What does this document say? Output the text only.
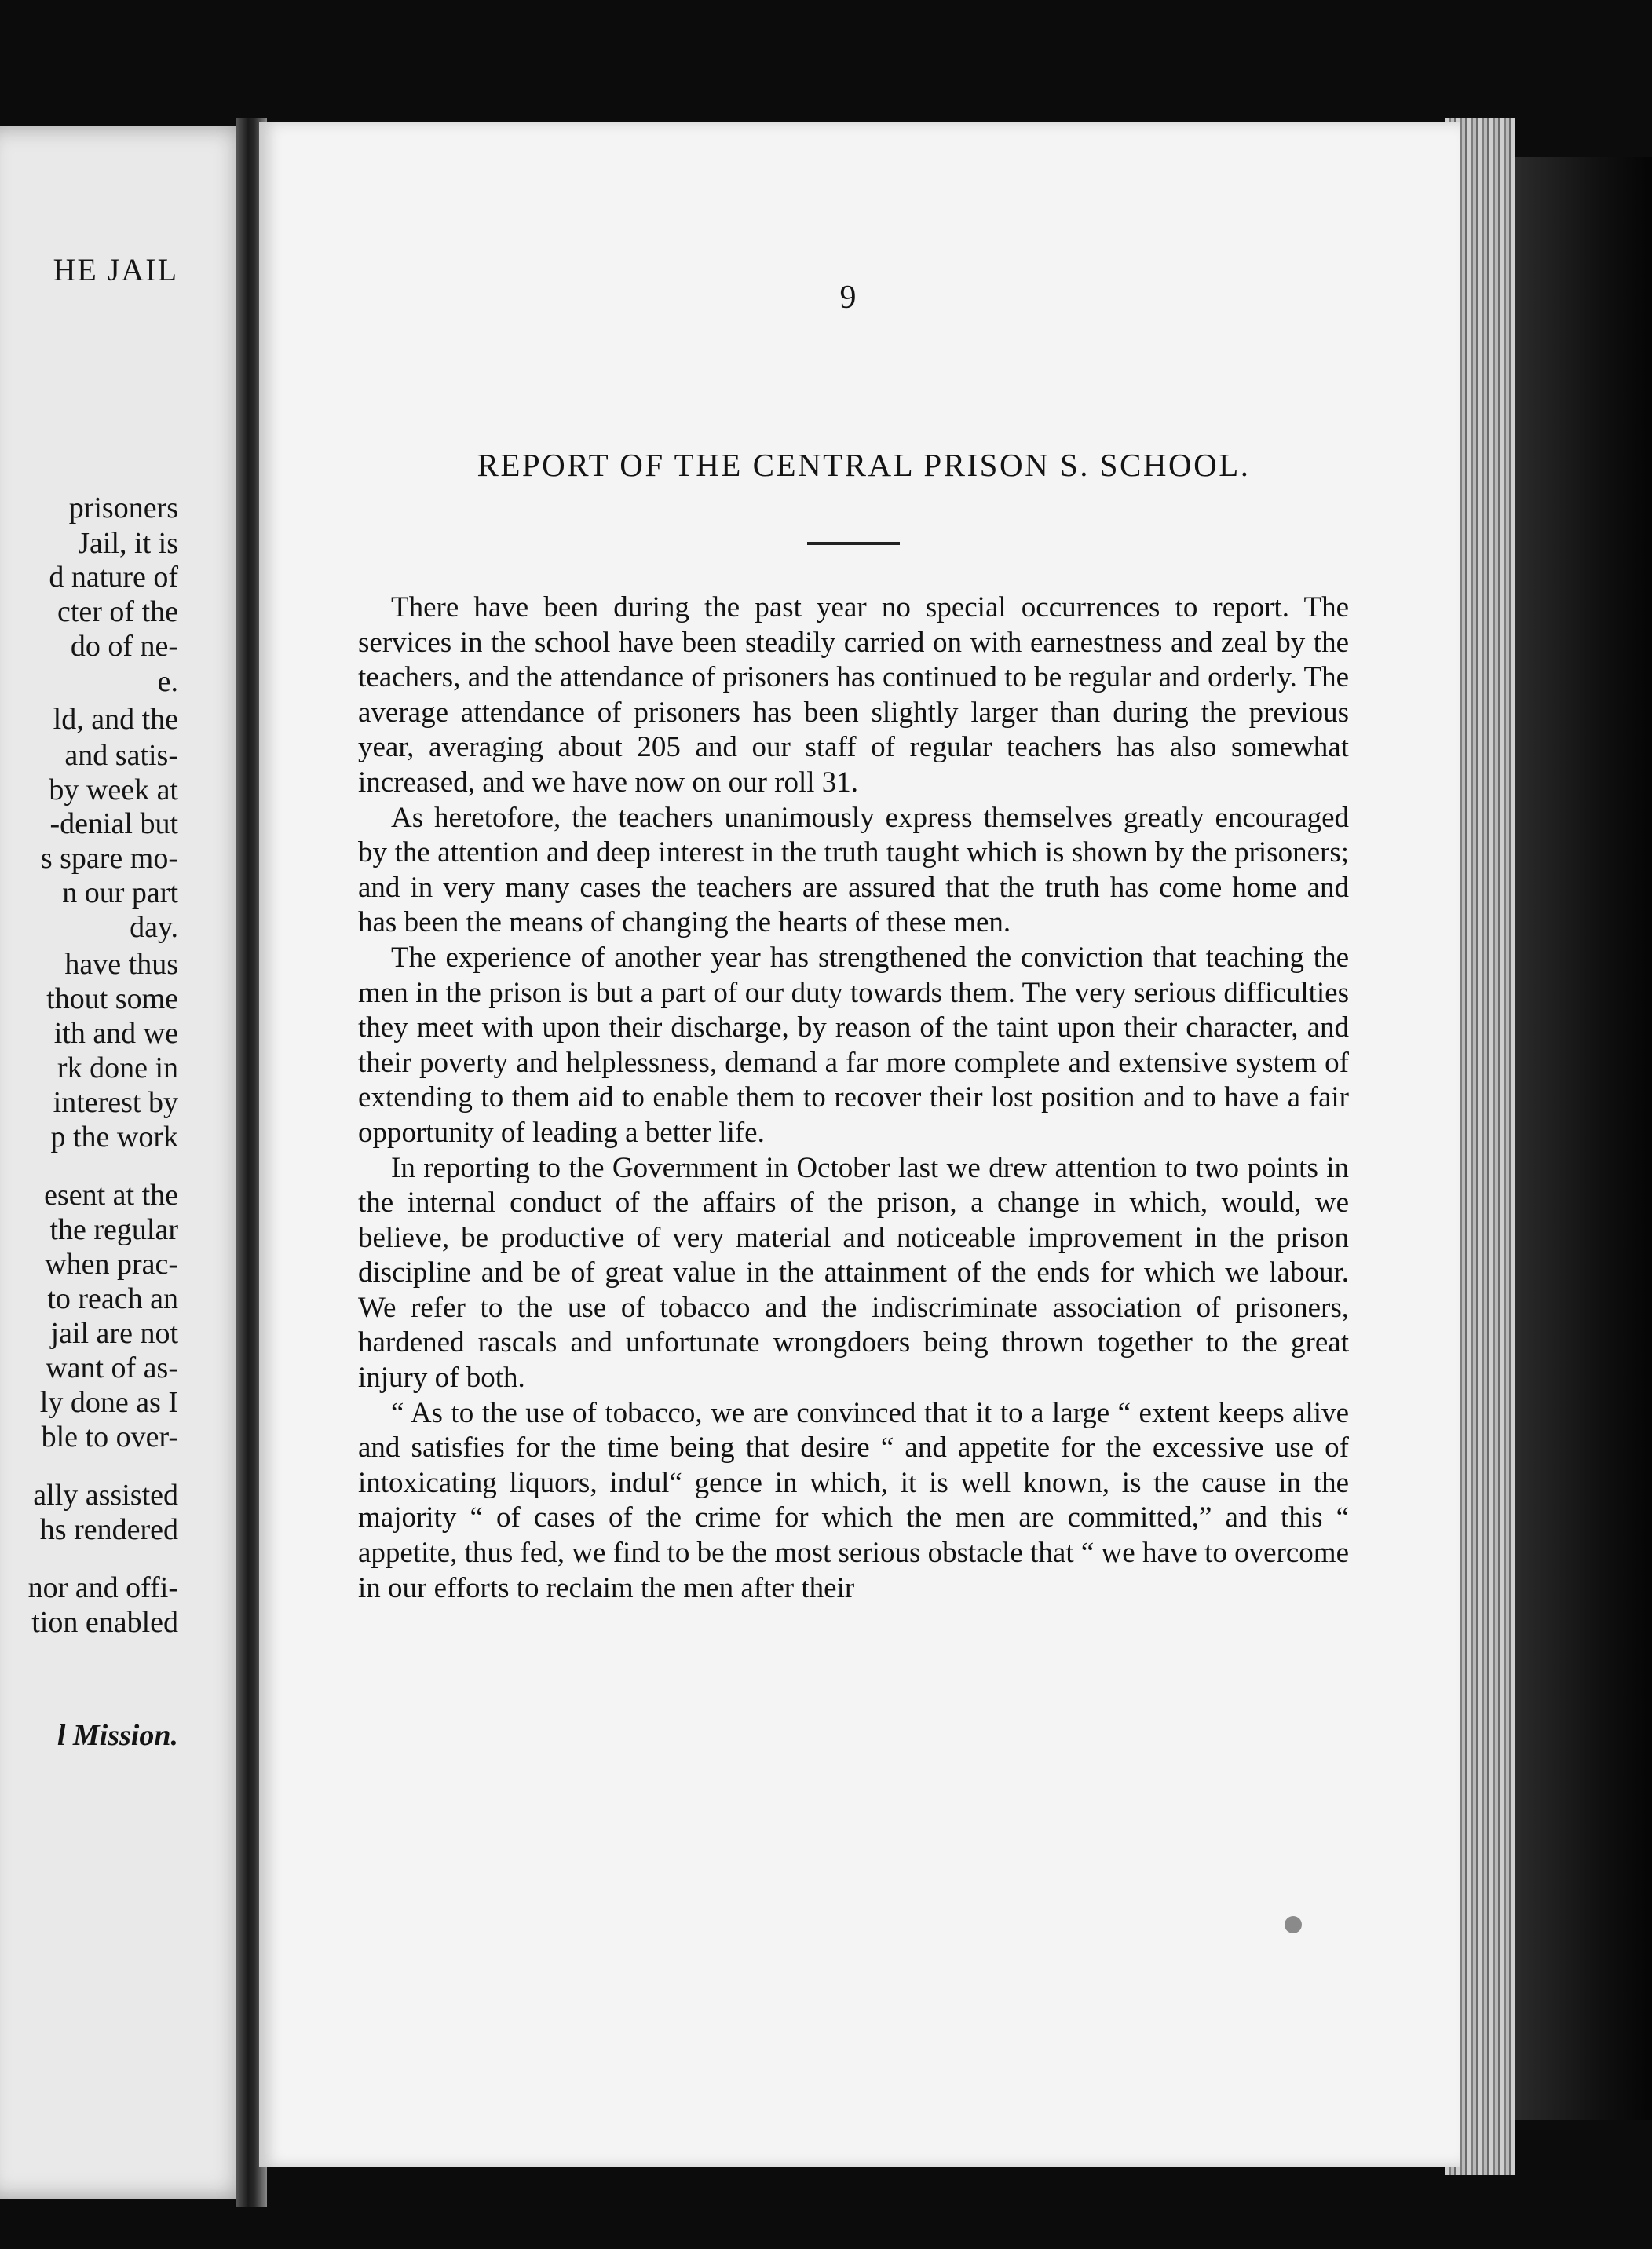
HE JAIL
prisoners
Jail, it is
d nature of
cter of the
do of ne-
e.
ld, and the
and satis-
by week at
-denial but
s spare mo-
n our part
day.
have thus
thout some
ith and we
rk done in
interest by
p the work
esent at the
the regular
when prac-
to reach an
jail are not
want of as-
ly done as I
ble to over-
ally assisted
hs rendered
nor and offi-
tion enabled
l Mission.
9
REPORT OF THE CENTRAL PRISON S. SCHOOL.

There have been during the past year no special occurrences to report. The services in the school have been steadily carried on with earnestness and zeal by the teachers, and the attendance of prisoners has continued to be regular and orderly. The average attendance of prisoners has been slightly larger than during the previous year, averaging about 205 and our staff of regular teachers has also somewhat increased, and we have now on our roll 31.

As heretofore, the teachers unanimously express themselves greatly encouraged by the attention and deep interest in the truth taught which is shown by the prisoners; and in very many cases the teachers are assured that the truth has come home and has been the means of changing the hearts of these men.

The experience of another year has strengthened the conviction that teaching the men in the prison is but a part of our duty towards them. The very serious difficulties they meet with upon their discharge, by reason of the taint upon their character, and their poverty and helplessness, demand a far more complete and extensive system of extending to them aid to enable them to recover their lost position and to have a fair opportunity of leading a better life.

In reporting to the Government in October last we drew attention to two points in the internal conduct of the affairs of the prison, a change in which, would, we believe, be productive of very material and noticeable improvement in the prison discipline and be of great value in the attainment of the ends for which we labour. We refer to the use of tobacco and the indiscriminate association of prisoners, hardened rascals and unfortunate wrongdoers being thrown together to the great injury of both.

“ As to the use of tobacco, we are convinced that it to a large “ extent keeps alive and satisfies for the time being that desire “ and appetite for the excessive use of intoxicating liquors, indul“ gence in which, it is well known, is the cause in the majority “ of cases of the crime for which the men are committed,” and this “ appetite, thus fed, we find to be the most serious obstacle that “ we have to overcome in our efforts to reclaim the men after their
